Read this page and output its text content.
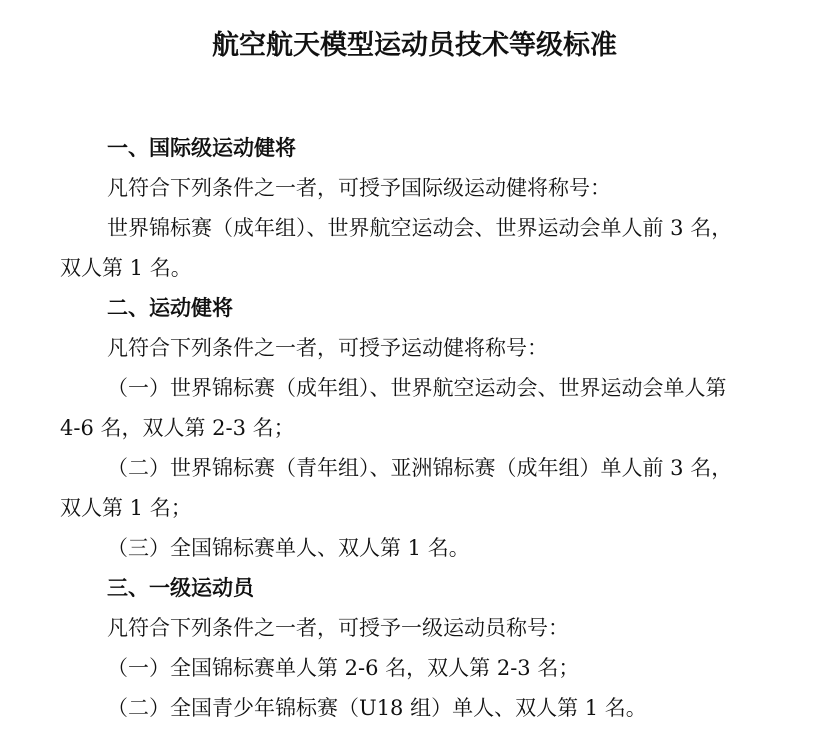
航空航天模型运动员技术等级标准
一、国际级运动健将
凡符合下列条件之一者，可授予国际级运动健将称号：
世界锦标赛（成年组）、世界航空运动会、世界运动会单人前 3 名，
双人第 1 名。
二、运动健将
凡符合下列条件之一者，可授予运动健将称号：
（一）世界锦标赛（成年组）、世界航空运动会、世界运动会单人第
4-6 名，双人第 2-3 名；
（二）世界锦标赛（青年组）、亚洲锦标赛（成年组）单人前 3 名，
双人第 1 名；
（三）全国锦标赛单人、双人第 1 名。
三、一级运动员
凡符合下列条件之一者，可授予一级运动员称号：
（一）全国锦标赛单人第 2-6 名，双人第 2-3 名；
（二）全国青少年锦标赛（U18 组）单人、双人第 1 名。
